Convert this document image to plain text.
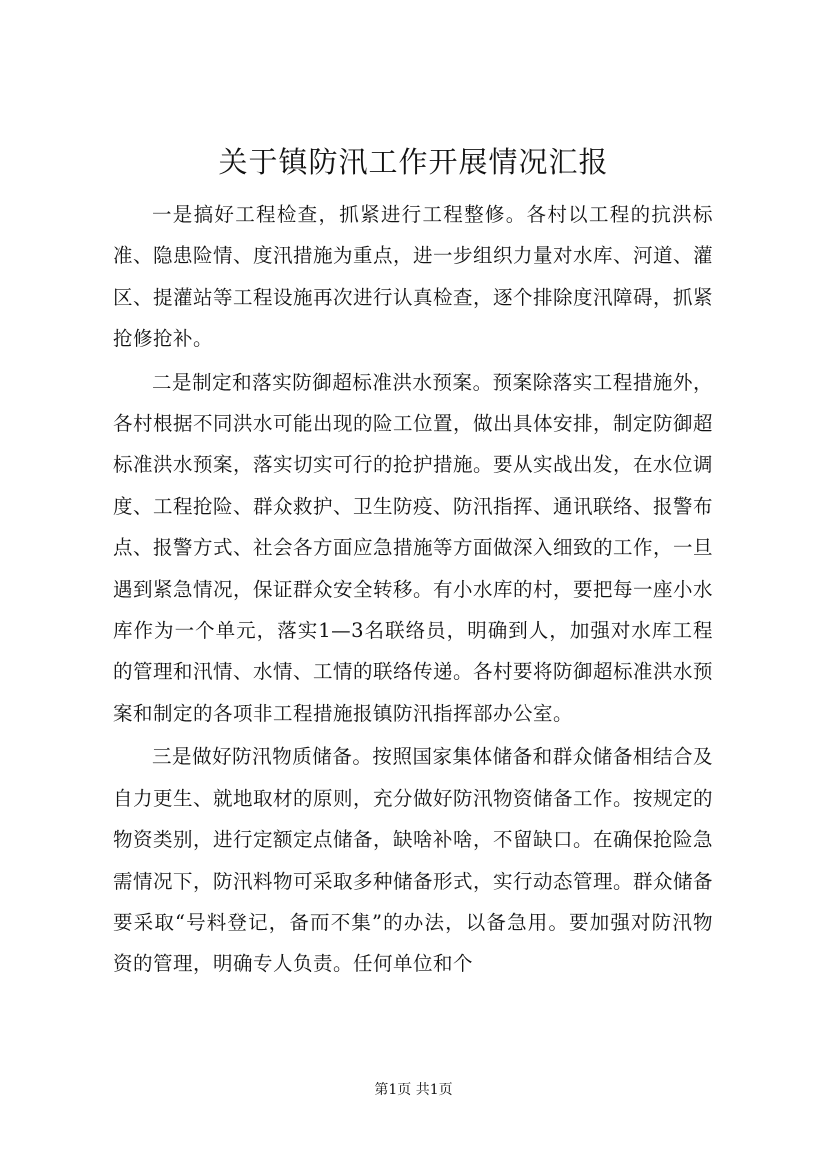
关于镇防汛工作开展情况汇报

一是搞好工程检查，抓紧进行工程整修。各村以工程的抗洪标准、隐患险情、度汛措施为重点，进一步组织力量对水库、河道、灌区、提灌站等工程设施再次进行认真检查，逐个排除度汛障碍，抓紧抢修抢补。

二是制定和落实防御超标准洪水预案。预案除落实工程措施外，各村根据不同洪水可能出现的险工位置，做出具体安排，制定防御超标准洪水预案，落实切实可行的抢护措施。要从实战出发，在水位调度、工程抢险、群众救护、卫生防疫、防汛指挥、通讯联络、报警布点、报警方式、社会各方面应急措施等方面做深入细致的工作，一旦遇到紧急情况，保证群众安全转移。有小水库的村，要把每一座小水库作为一个单元，落实1—3名联络员，明确到人，加强对水库工程的管理和汛情、水情、工情的联络传递。各村要将防御超标准洪水预案和制定的各项非工程措施报镇防汛指挥部办公室。

三是做好防汛物质储备。按照国家集体储备和群众储备相结合及自力更生、就地取材的原则，充分做好防汛物资储备工作。按规定的物资类别，进行定额定点储备，缺啥补啥，不留缺口。在确保抢险急需情况下，防汛料物可采取多种储备形式，实行动态管理。群众储备要采取“号料登记，备而不集”的办法，以备急用。要加强对防汛物资的管理，明确专人负责。任何单位和个

第1页 共1页
